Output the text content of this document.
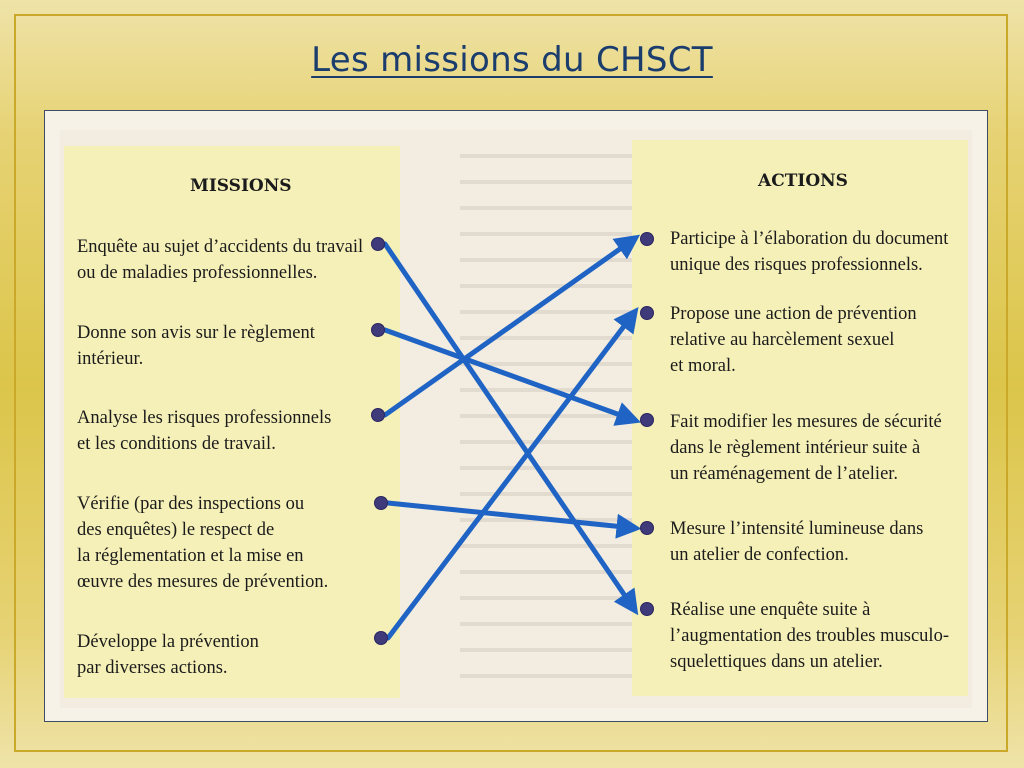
Les missions du CHSCT
MISSIONS	ACTIONS
Enquête au sujet d’accidents du travail
ou de maladies professionnelles.
Donne son avis sur le règlement
intérieur.
Analyse les risques professionnels
et les conditions de travail.
Vérifie (par des inspections ou
des enquêtes) le respect de
la réglementation et la mise en
œuvre des mesures de prévention.
Développe la prévention
par diverses actions.
Participe à l’élaboration du document
unique des risques professionnels.
Propose une action de prévention
relative au harcèlement sexuel
et moral.
Fait modifier les mesures de sécurité
dans le règlement intérieur suite à
un réaménagement de l’atelier.
Mesure l’intensité lumineuse dans
un atelier de confection.
Réalise une enquête suite à
l’augmentation des troubles musculo-
squelettiques dans un atelier.
